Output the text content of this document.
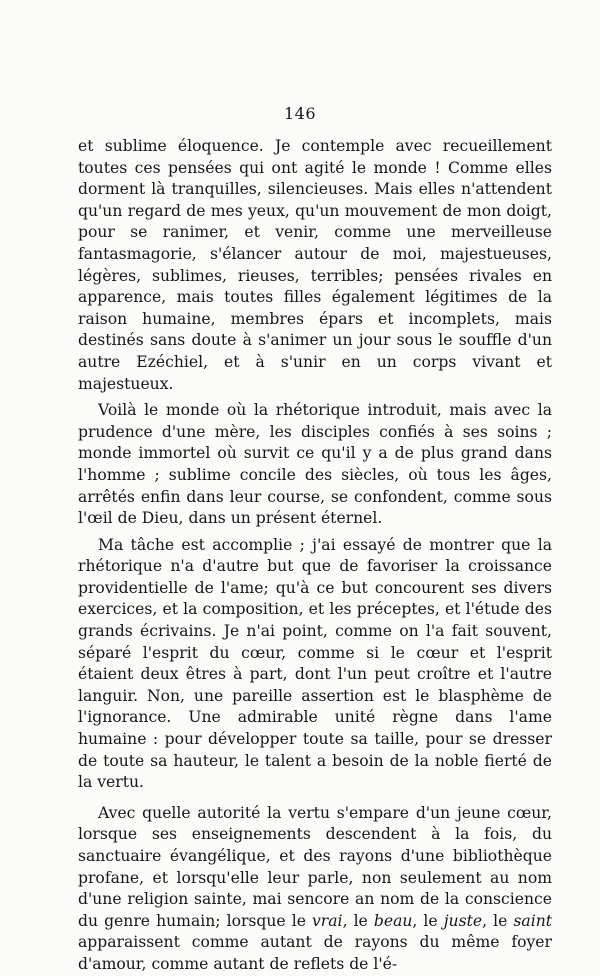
146

et sublime éloquence. Je contemple avec recueillement toutes ces pensées qui ont agité le monde ! Comme elles dorment là tranquilles, silencieuses. Mais elles n'attendent qu'un regard de mes yeux, qu'un mouvement de mon doigt, pour se ranimer, et venir, comme une merveilleuse fantasmagorie, s'élancer autour de moi, majestueuses, légères, sublimes, rieuses, terribles; pensées rivales en apparence, mais toutes filles également légitimes de la raison humaine, membres épars et incomplets, mais destinés sans doute à s'animer un jour sous le souffle d'un autre Ezéchiel, et à s'unir en un corps vivant et majestueux.

Voilà le monde où la rhétorique introduit, mais avec la prudence d'une mère, les disciples confiés à ses soins ; monde immortel où survit ce qu'il y a de plus grand dans l'homme ; sublime concile des siècles, où tous les âges, arrêtés enfin dans leur course, se confondent, comme sous l'œil de Dieu, dans un présent éternel.

Ma tâche est accomplie ; j'ai essayé de montrer que la rhétorique n'a d'autre but que de favoriser la croissance providentielle de l'ame; qu'à ce but concourent ses divers exercices, et la composition, et les préceptes, et l'étude des grands écrivains. Je n'ai point, comme on l'a fait souvent, séparé l'esprit du cœur, comme si le cœur et l'esprit étaient deux êtres à part, dont l'un peut croître et l'autre languir. Non, une pareille assertion est le blasphème de l'ignorance. Une admirable unité règne dans l'ame humaine : pour développer toute sa taille, pour se dresser de toute sa hauteur, le talent a besoin de la noble fierté de la vertu.

Avec quelle autorité la vertu s'empare d'un jeune cœur, lorsque ses enseignements descendent à la fois, du sanctuaire évangélique, et des rayons d'une bibliothèque profane, et lorsqu'elle leur parle, non seulement au nom d'une religion sainte, mai sencore an nom de la conscience du genre humain; lorsque le vrai, le beau, le juste, le saint apparaissent comme autant de rayons du même foyer d'amour, comme autant de reflets de l'é-
